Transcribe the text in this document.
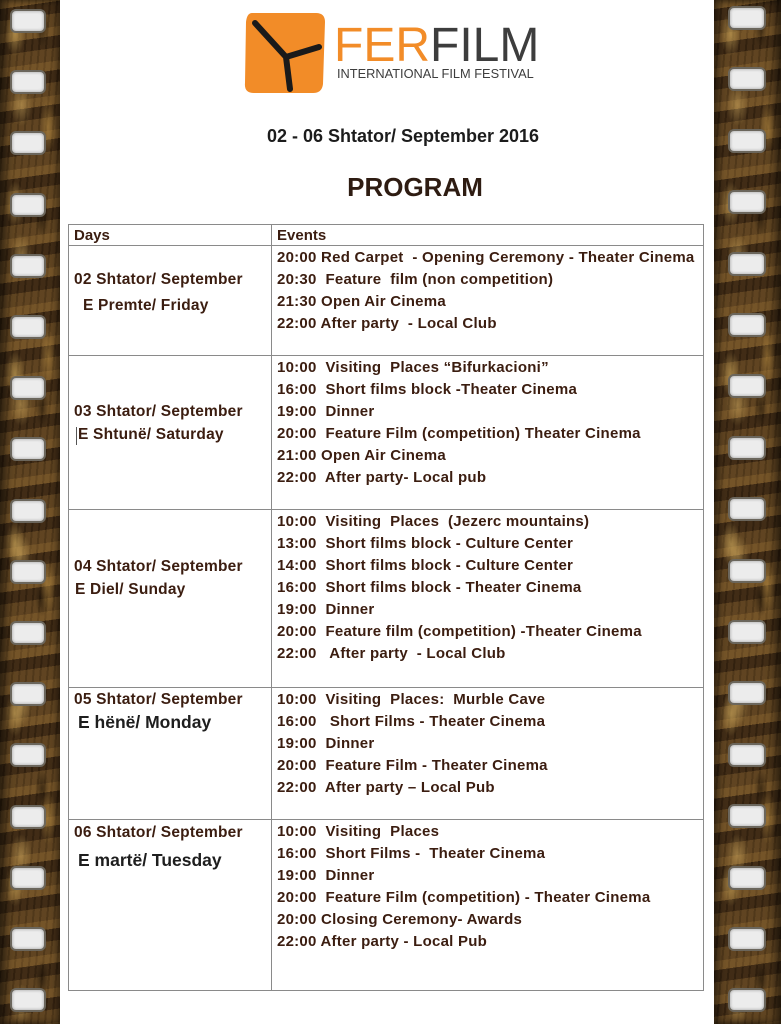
FERFILM
INTERNATIONAL FILM FESTIVAL
02 - 06 Shtator/ September 2016
PROGRAM
Days	Events
02 Shtator/ September
E Premte/ Friday
20:00 Red Carpet  - Opening Ceremony - Theater Cinema
20:30  Feature  film (non competition)
21:30 Open Air Cinema
22:00 After party  - Local Club
03 Shtator/ September
E Shtunë/ Saturday
10:00  Visiting  Places “Bifurkacioni”
16:00  Short films block -Theater Cinema
19:00  Dinner
20:00  Feature Film (competition) Theater Cinema
21:00 Open Air Cinema
22:00  After party- Local pub
04 Shtator/ September
E Diel/ Sunday
10:00  Visiting  Places  (Jezerc mountains)
13:00  Short films block - Culture Center
14:00  Short films block - Culture Center
16:00  Short films block - Theater Cinema
19:00  Dinner
20:00  Feature film (competition) -Theater Cinema
22:00   After party  - Local Club
05 Shtator/ September
E hënë/ Monday
10:00  Visiting  Places:  Murble Cave
16:00   Short Films - Theater Cinema
19:00  Dinner
20:00  Feature Film - Theater Cinema
22:00  After party – Local Pub
06 Shtator/ September
E martë/ Tuesday
10:00  Visiting  Places
16:00  Short Films -  Theater Cinema
19:00  Dinner
20:00  Feature Film (competition) - Theater Cinema
20:00 Closing Ceremony- Awards
22:00 After party - Local Pub
